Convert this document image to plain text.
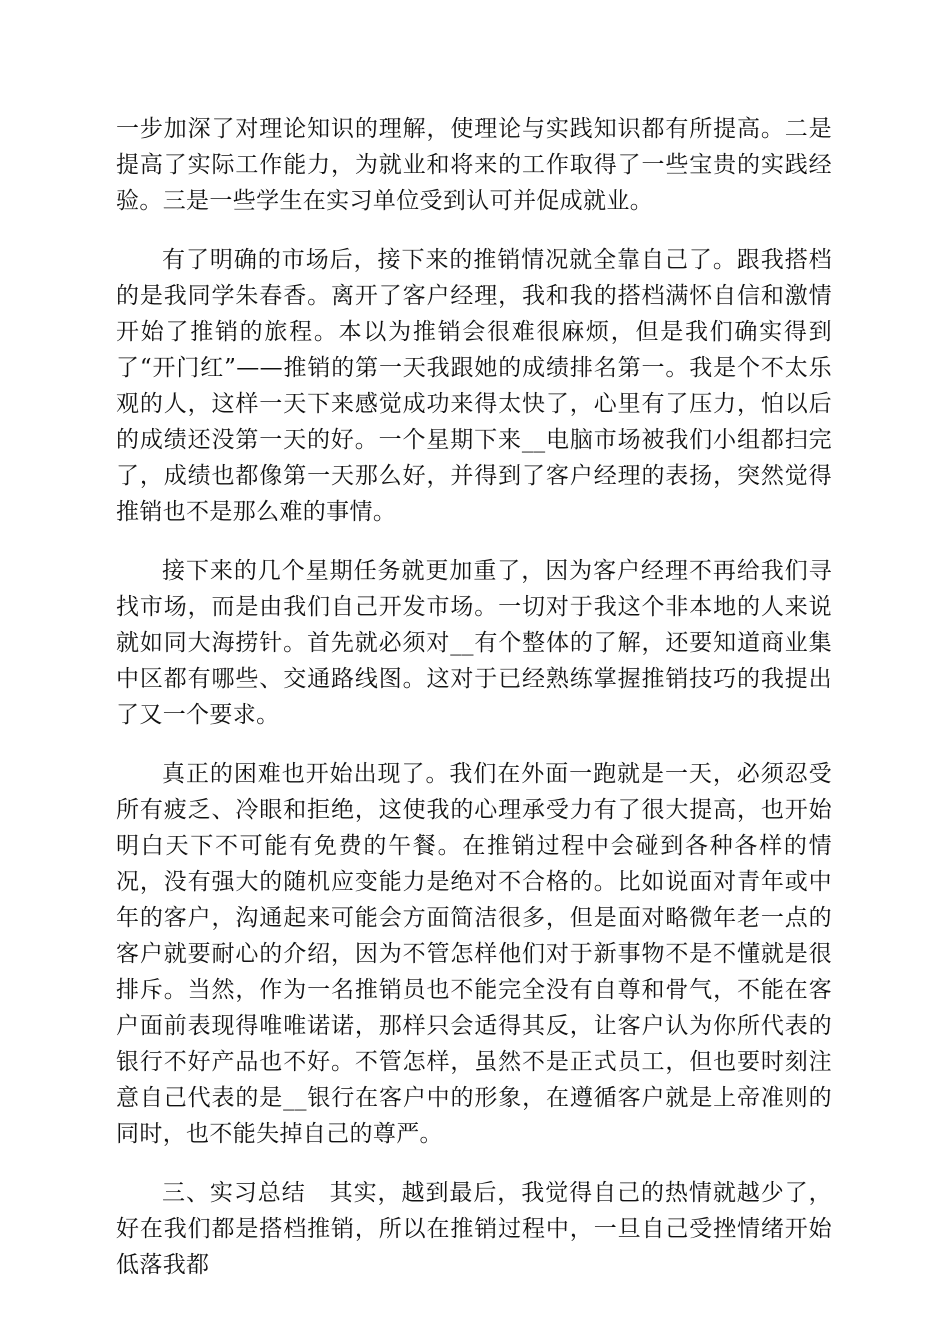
一步加深了对理论知识的理解，使理论与实践知识都有所提高。二是提高了实际工作能力，为就业和将来的工作取得了一些宝贵的实践经验。三是一些学生在实习单位受到认可并促成就业。

有了明确的市场后，接下来的推销情况就全靠自己了。跟我搭档的是我同学朱春香。离开了客户经理，我和我的搭档满怀自信和激情开始了推销的旅程。本以为推销会很难很麻烦，但是我们确实得到了“开门红”——推销的第一天我跟她的成绩排名第一。我是个不太乐观的人，这样一天下来感觉成功来得太快了，心里有了压力，怕以后的成绩还没第一天的好。一个星期下来__电脑市场被我们小组都扫完了，成绩也都像第一天那么好，并得到了客户经理的表扬，突然觉得推销也不是那么难的事情。

接下来的几个星期任务就更加重了，因为客户经理不再给我们寻找市场，而是由我们自己开发市场。一切对于我这个非本地的人来说就如同大海捞针。首先就必须对__有个整体的了解，还要知道商业集中区都有哪些、交通路线图。这对于已经熟练掌握推销技巧的我提出了又一个要求。

真正的困难也开始出现了。我们在外面一跑就是一天，必须忍受所有疲乏、冷眼和拒绝，这使我的心理承受力有了很大提高，也开始明白天下不可能有免费的午餐。在推销过程中会碰到各种各样的情况，没有强大的随机应变能力是绝对不合格的。比如说面对青年或中年的客户，沟通起来可能会方面简洁很多，但是面对略微年老一点的客户就要耐心的介绍，因为不管怎样他们对于新事物不是不懂就是很排斥。当然，作为一名推销员也不能完全没有自尊和骨气，不能在客户面前表现得唯唯诺诺，那样只会适得其反，让客户认为你所代表的银行不好产品也不好。不管怎样，虽然不是正式员工，但也要时刻注意自己代表的是__银行在客户中的形象，在遵循客户就是上帝准则的同时，也不能失掉自己的尊严。

三、实习总结　其实，越到最后，我觉得自己的热情就越少了，好在我们都是搭档推销，所以在推销过程中，一旦自己受挫情绪开始低落我都
